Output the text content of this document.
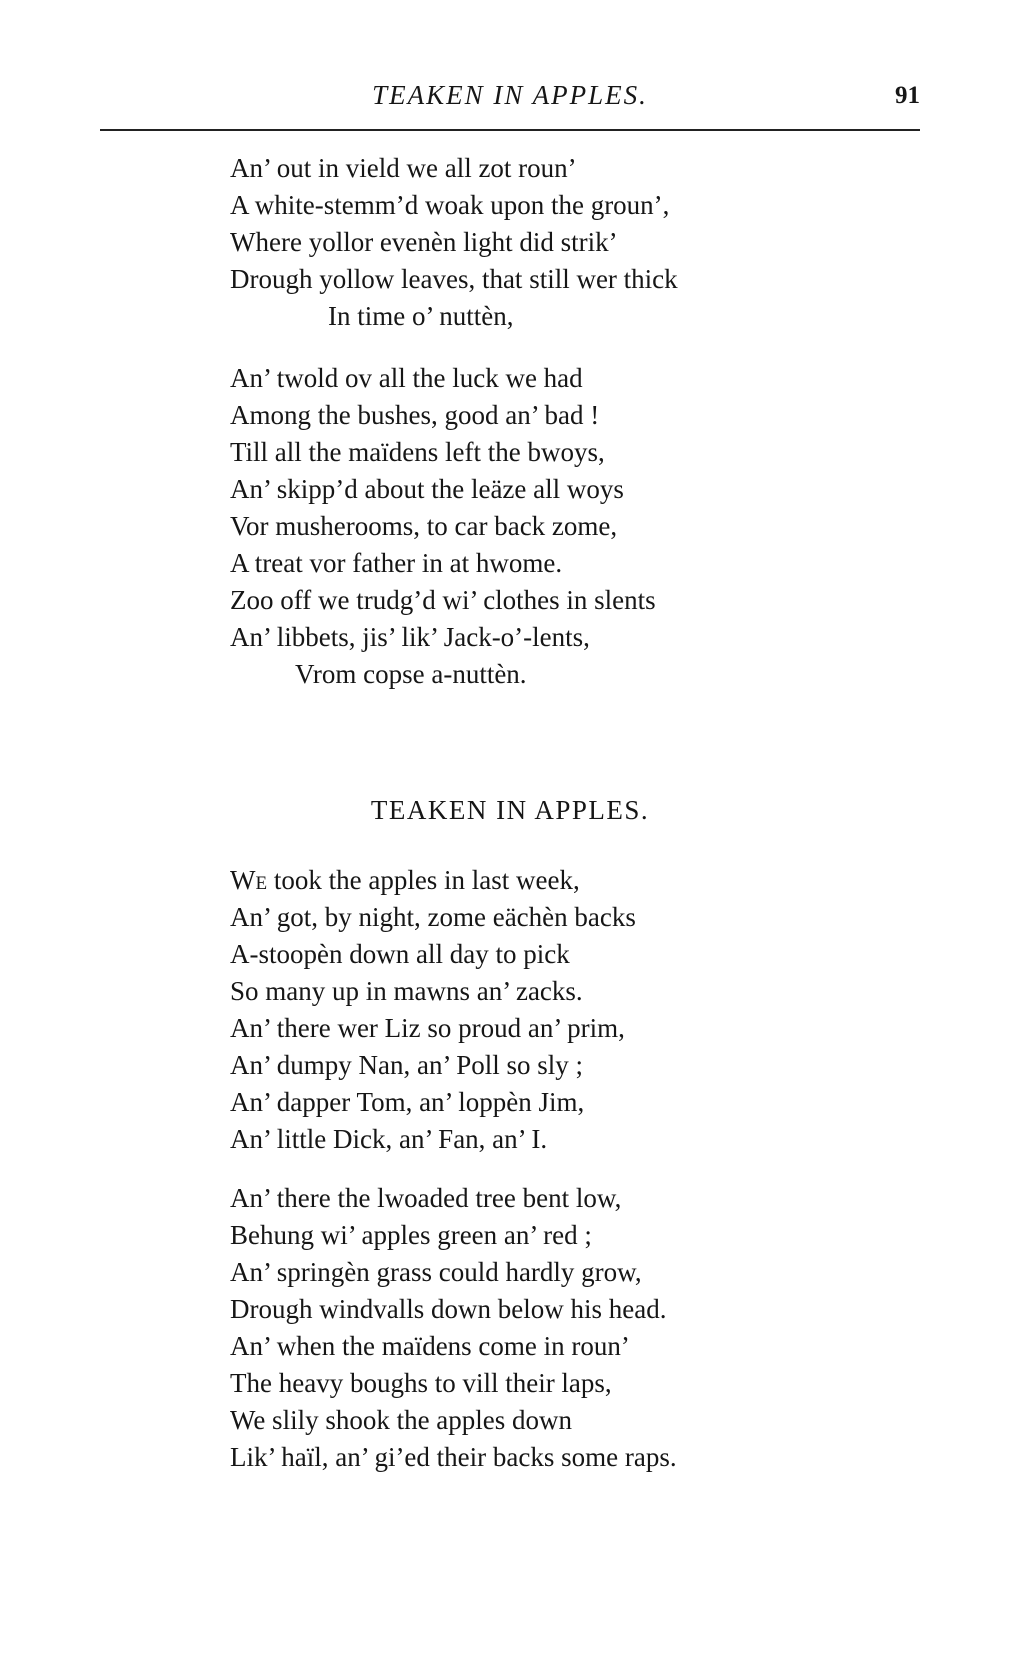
TEAKEN IN APPLES.	91
An’ out in vield we all zot roun’
A white-stemm’d woak upon the groun’,
Where yollor evenèn light did strik’
Drough yollow leaves, that still wer thick
In time o’ nuttèn,
An’ twold ov all the luck we had
Among the bushes, good an’ bad !
Till all the maïdens left the bwoys,
An’ skipp’d about the leäze all woys
Vor musherooms, to car back zome,
A treat vor father in at hwome.
Zoo off we trudg’d wi’ clothes in slents
An’ libbets, jis’ lik’ Jack-o’-lents,
Vrom copse a-nuttèn.
TEAKEN IN APPLES.
We took the apples in last week,
An’ got, by night, zome eächèn backs
A-stoopèn down all day to pick
So many up in mawns an’ zacks.
An’ there wer Liz so proud an’ prim,
An’ dumpy Nan, an’ Poll so sly ;
An’ dapper Tom, an’ loppèn Jim,
An’ little Dick, an’ Fan, an’ I.
An’ there the lwoaded tree bent low,
Behung wi’ apples green an’ red ;
An’ springèn grass could hardly grow,
Drough windvalls down below his head.
An’ when the maïdens come in roun’
The heavy boughs to vill their laps,
We slily shook the apples down
Lik’ haïl, an’ gi’ed their backs some raps.
